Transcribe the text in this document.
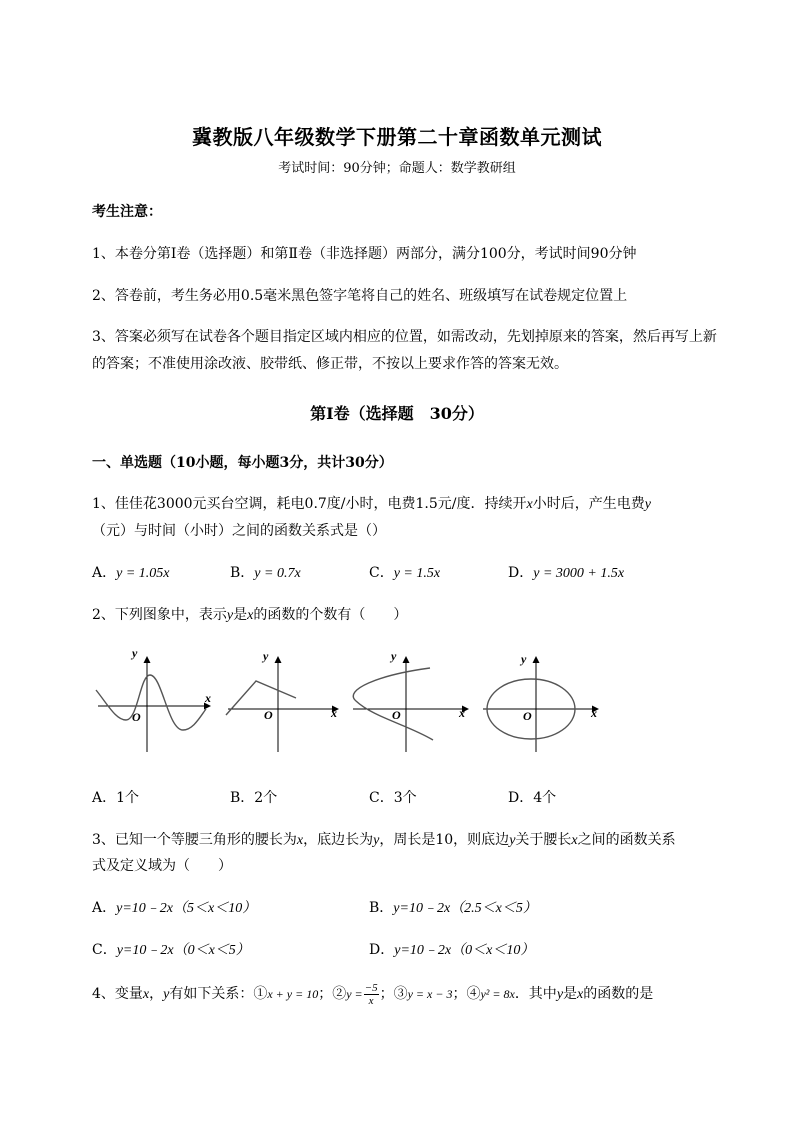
冀教版八年级数学下册第二十章函数单元测试
考试时间：90分钟；命题人：数学教研组
考生注意：
1、本卷分第Ⅰ卷（选择题）和第Ⅱ卷（非选择题）两部分，满分100分，考试时间90分钟
2、答卷前，考生务必用0.5毫米黑色签字笔将自己的姓名、班级填写在试卷规定位置上
3、答案必须写在试卷各个题目指定区域内相应的位置，如需改动，先划掉原来的答案，然后再写上新
的答案；不准使用涂改液、胶带纸、修正带，不按以上要求作答的答案无效。
第Ⅰ卷（选择题　30分）
一、单选题（10小题，每小题3分，共计30分）
1、佳佳花3000元买台空调，耗电0.7度/小时，电费1.5元/度．持续开x小时后，产生电费y
（元）与时间（小时）之间的函数关系式是（）
A．y = 1.05x	B．y = 0.7x	C．y = 1.5x	D．y = 3000 + 1.5x
2、下列图象中，表示y是x的函数的个数有（　　）
y
x
O
y
x
O
y
x
O
y
x
O
A．1个	B．2个	C．3个	D．4个
3、已知一个等腰三角形的腰长为x，底边长为y，周长是10，则底边y关于腰长x之间的函数关系
式及定义域为（　　）
A．y=10﹣2x（5＜x＜10）	B．y=10﹣2x（2.5＜x＜5）
C．y=10﹣2x（0＜x＜5）	D．y=10﹣2x（0＜x＜10）
4、变量x，y有如下关系：①x + y = 10；②y = $\frac{-5}{x}$ ；③y = x − 3；④y² = 8x．其中y是x的函数的是
